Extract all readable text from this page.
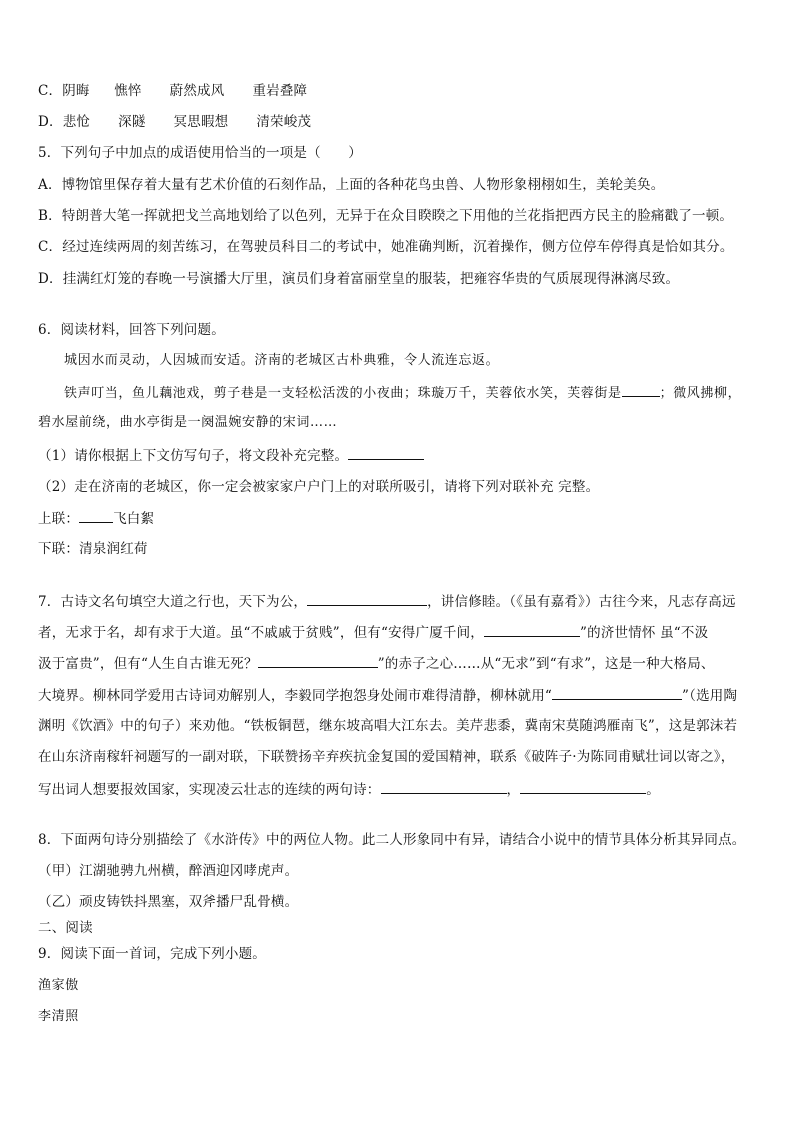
C．阴晦 憔悴 蔚然成风 重岩叠障
D．悲怆 深隧 冥思暇想 清荣峻茂
5．下列句子中加点的成语使用恰当的一项是（　　）
A．博物馆里保存着大量有艺术价值的石刻作品，上面的各种花鸟虫兽、人物形象栩栩如生，美轮美奂。
B．特朗普大笔一挥就把戈兰高地划给了以色列，无异于在众目睽睽之下用他的兰花指把西方民主的脸痛戳了一顿。
C．经过连续两周的刻苦练习，在驾驶员科目二的考试中，她准确判断，沉着操作，侧方位停车停得真是恰如其分。
D．挂满红灯笼的春晚一号演播大厅里，演员们身着富丽堂皇的服装，把雍容华贵的气质展现得淋漓尽致。
6．阅读材料，回答下列问题。
城因水而灵动，人因城而安适。济南的老城区古朴典雅，令人流连忘返。
铁声叮当，鱼儿藕池戏，剪子巷是一支轻松活泼的小夜曲；珠璇万千，芙蓉依水笑，芙蓉街是	；微风拂柳，
碧水屋前绕，曲水亭街是一阕温婉安静的宋词……
（1）请你根据上下文仿写句子，将文段补充完整。
（2）走在济南的老城区，你一定会被家家户户门上的对联所吸引，请将下列对联补充 完整。
上联：	飞白絮
下联：清泉润红荷
7．古诗文名句填空大道之行也，天下为公，	，讲信修睦。（《虽有嘉肴》）古往今来，凡志存高远
者，无求于名，却有求于大道。虽“不戚戚于贫贱”，但有“安得广厦千间，	”的济世情怀 虽“不汲
汲于富贵”，但有“人生自古谁无死？	”的赤子之心……从“无求”到“有求”，这是一种大格局、
大境界。柳林同学爱用古诗词劝解别人，李毅同学抱怨身处闹市难得清静，柳林就用“	”（选用陶
渊明《饮酒》中的句子）来劝他。“铁板铜琶，继东坡高唱大江东去。美芹悲黍，冀南宋莫随鸿雁南飞”，这是郭沫若
在山东济南稼轩祠题写的一副对联，下联赞扬辛弃疾抗金复国的爱国精神，联系《破阵子·为陈同甫赋壮词以寄之》，
写出词人想要报效国家，实现凌云壮志的连续的两句诗：	，	。
8．下面两句诗分别描绘了《水浒传》中的两位人物。此二人形象同中有异，请结合小说中的情节具体分析其异同点。
（甲）江湖驰骋九州横，醉酒迎冈哮虎声。
（乙）顽皮铸铁抖黑塞，双斧播尸乱骨横。
二、阅读
9．阅读下面一首词，完成下列小题。
渔家傲
李清照
